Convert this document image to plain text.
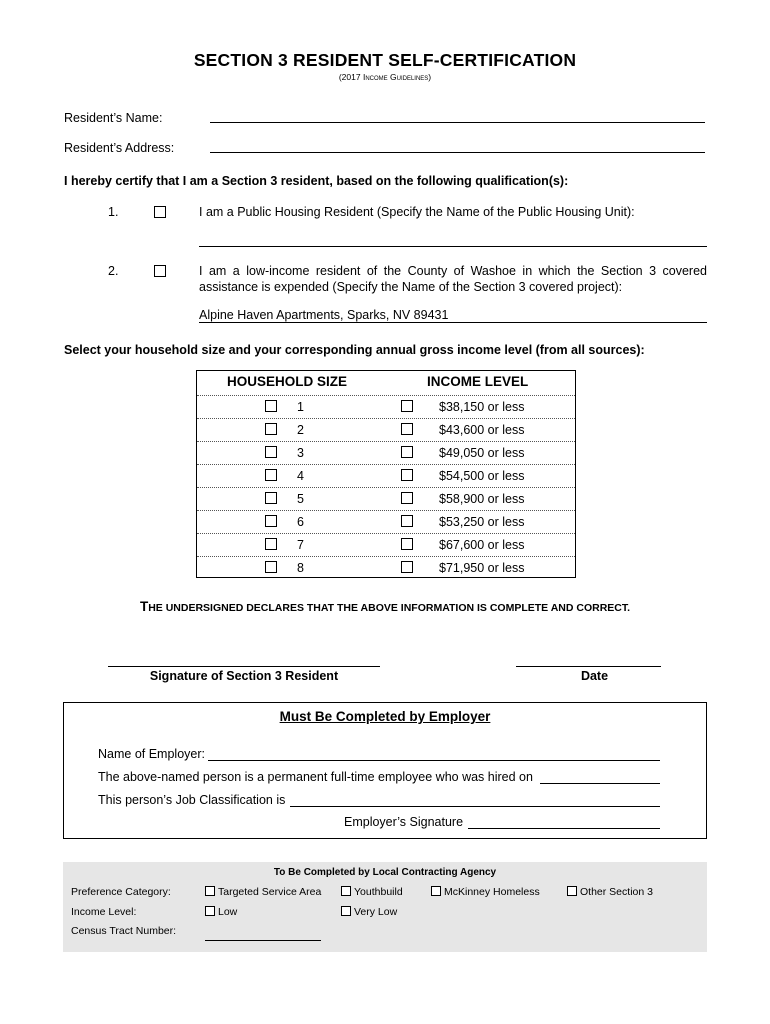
SECTION 3 RESIDENT SELF-CERTIFICATION
(2017 Income Guidelines)
Resident’s Name:
Resident’s Address:
I hereby certify that I am a Section 3 resident, based on the following qualification(s):
1.	I am a Public Housing Resident (Specify the Name of the Public Housing Unit):
2.	I am a low-income resident of the County of Washoe in which the Section 3 covered
assistance is expended (Specify the Name of the Section 3 covered project):
Alpine Haven Apartments, Sparks, NV 89431
Select your household size and your corresponding annual gross income level (from all sources):
HOUSEHOLD SIZE	INCOME LEVEL
1	$38,150 or less
2	$43,600 or less
3	$49,050 or less
4	$54,500 or less
5	$58,900 or less
6	$53,250 or less
7	$67,600 or less
8	$71,950 or less
THE UNDERSIGNED DECLARES THAT THE ABOVE INFORMATION IS COMPLETE AND CORRECT.
Signature of Section 3 Resident	Date
Must Be Completed by Employer
Name of Employer:
The above-named person is a permanent full-time employee who was hired on
This person’s Job Classification is
Employer’s Signature
To Be Completed by Local Contracting Agency
Preference Category:	Targeted Service Area	Youthbuild	McKinney Homeless	Other Section 3
Income Level:	Low	Very Low
Census Tract Number:
